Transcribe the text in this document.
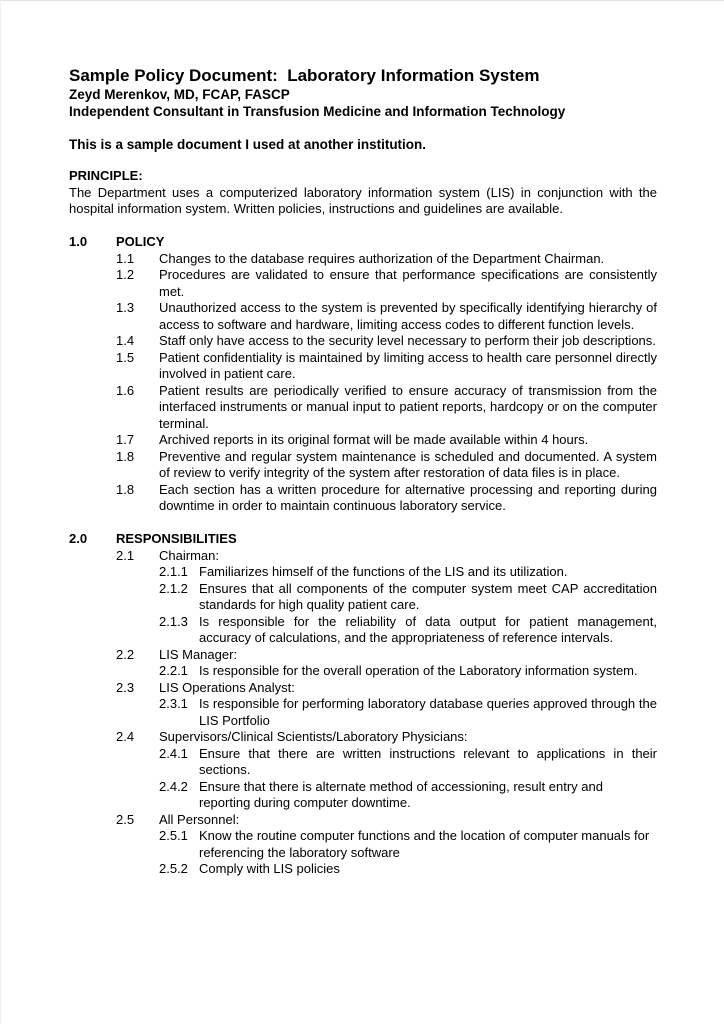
Sample Policy Document:  Laboratory Information System
Zeyd Merenkov, MD, FCAP, FASCP
Independent Consultant in Transfusion Medicine and Information Technology
This is a sample document I used at another institution.
PRINCIPLE:

The Department uses a computerized laboratory information system (LIS) in conjunction with the hospital information system. Written policies, instructions and guidelines are available.

1.0	POLICY
1.1	Changes to the database requires authorization of the Department Chairman.
1.2	Procedures are validated to ensure that performance specifications are consistently met.
1.3	Unauthorized access to the system is prevented by specifically identifying hierarchy of access to software and hardware, limiting access codes to different function levels.
1.4	Staff only have access to the security level necessary to perform their job descriptions.
1.5	Patient confidentiality is maintained by limiting access to health care personnel directly involved in patient care.
1.6	Patient results are periodically verified to ensure accuracy of transmission from the interfaced instruments or manual input to patient reports, hardcopy or on the computer terminal.
1.7	Archived reports in its original format will be made available within 4 hours.
1.8	Preventive and regular system maintenance is scheduled and documented. A system of review to verify integrity of the system after restoration of data files is in place.
1.8	Each section has a written procedure for alternative processing and reporting during downtime in order to maintain continuous laboratory service.
2.0	RESPONSIBILITIES
2.1	Chairman:
2.1.1 Familiarizes himself of the functions of the LIS and its utilization.
2.1.2 Ensures that all components of the computer system meet CAP accreditation standards for high quality patient care.
2.1.3 Is responsible for the reliability of data output for patient management, accuracy of calculations, and the appropriateness of reference intervals.
2.2	LIS Manager:
2.2.1 Is responsible for the overall operation of the Laboratory information system.
2.3	LIS Operations Analyst:
2.3.1 Is responsible for performing laboratory database queries approved through the LIS Portfolio
2.4	Supervisors/Clinical Scientists/Laboratory Physicians:
2.4.1 Ensure that there are written instructions relevant to applications in their sections.
2.4.2 Ensure that there is alternate method of accessioning, result entry and reporting during computer downtime.
2.5	All Personnel:
2.5.1 Know the routine computer functions and the location of computer manuals for referencing the laboratory software
2.5.2 Comply with LIS policies
